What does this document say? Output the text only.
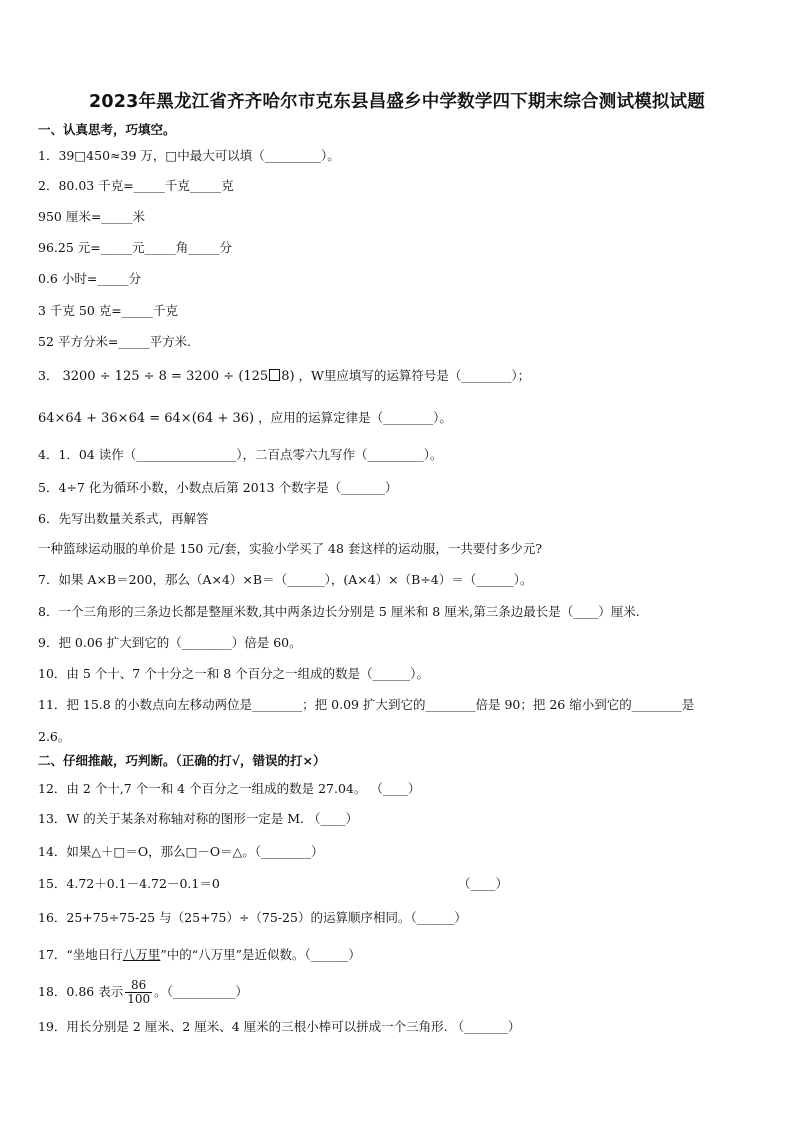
2023年黑龙江省齐齐哈尔市克东县昌盛乡中学数学四下期末综合测试模拟试题
一、认真思考，巧填空。
1．39□450≈39 万，□中最大可以填（_________）。
2．80.03 千克=_____千克_____克
950 厘米=_____米
96.25 元=_____元_____角_____分
0.6 小时=_____分
3 千克 50 克=_____千克
52 平方分米=_____平方米.
3． 3200 ÷ 125 ÷ 8 = 3200 ÷ (125 8) ，W里应填写的运算符号是（________）；
64×64 + 36×64 = 64×(64 + 36) ，应用的运算定律是（________）。
4．1．04 读作（________________），二百点零六九写作（_________）。
5．4÷7 化为循环小数，小数点后第 2013 个数字是（_______）
6．先写出数量关系式，再解答
一种篮球运动服的单价是 150 元/套，实验小学买了 48 套这样的运动服，一共要付多少元?
7．如果 A×B＝200，那么（A×4）×B＝（______），(A×4）×（B÷4）＝（______）。
8．一个三角形的三条边长都是整厘米数,其中两条边长分别是 5 厘米和 8 厘米,第三条边最长是（____）厘米.
9．把 0.06 扩大到它的（________）倍是 60。
10．由 5 个十、7 个十分之一和 8 个百分之一组成的数是（______）。
11．把 15.8 的小数点向左移动两位是________；把 0.09 扩大到它的________倍是 90；把 26 缩小到它的________是
2.6。
二、仔细推敲，巧判断。（正确的打√，错误的打×）
12．由 2 个十,7 个一和 4 个百分之一组成的数是 27.04。 （____）
13．W 的关于某条对称轴对称的图形一定是 M. （____）
14．如果△＋□＝O，那么□－O＝△。（________）
15．4.72＋0.1－4.72－0.1＝0	（____）
16．25+75÷75-25 与（25+75）÷（75-25）的运算顺序相同。（______）
17．“坐地日行八万里”中的“八万里”是近似数。（______）
18．0.86 表示 $\frac{86}{100}$ 。（__________）
19．用长分别是 2 厘米、2 厘米、4 厘米的三根小棒可以拼成一个三角形. （_______）
